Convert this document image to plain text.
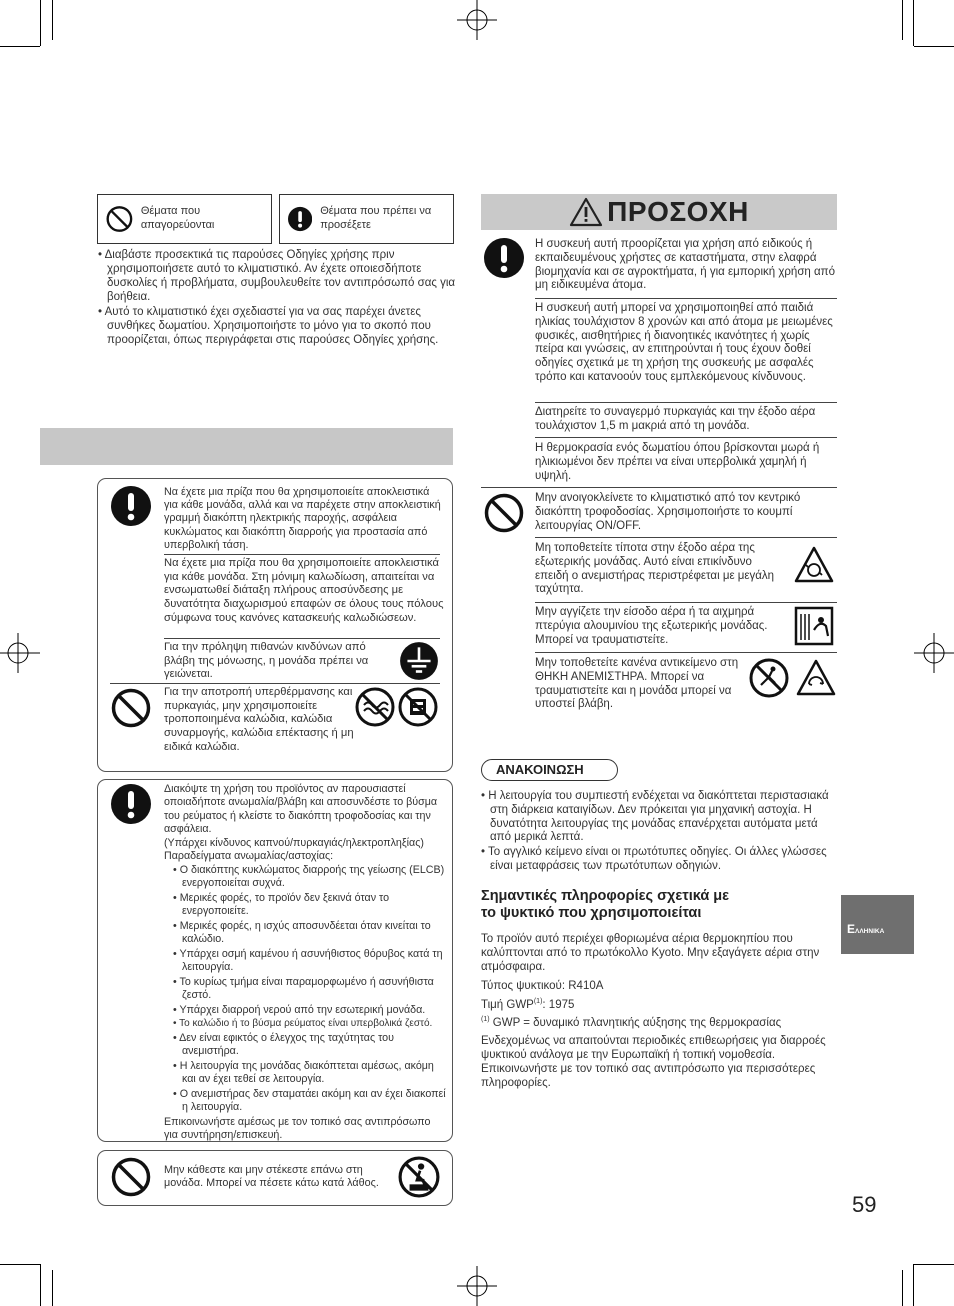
Θέματα που απαγορεύονται
Θέματα που πρέπει να προσέξετε
• Διαβάστε προσεκτικά τις παρούσες Οδηγίες χρήσης πριν χρησιμοποιήσετε αυτό το κλιματιστικό. Αν έχετε οποιεσδήποτε δυσκολίες ή προβλήματα, συμβουλευθείτε τον αντιπρόσωπό σας για βοήθεια.
• Αυτό το κλιματιστικό έχει σχεδιαστεί για να σας παρέχει άνετες συνθήκες δωματίου. Χρησιμοποιήστε το μόνο για το σκοπό που προορίζεται, όπως περιγράφεται στις παρούσες Οδηγίες χρήσης.
Να έχετε μια πρίζα που θα χρησιμοποιείτε αποκλειστικά για κάθε μονάδα, αλλά και να παρέχετε στην αποκλειστική γραμμή διακόπτη ηλεκτρικής παροχής, ασφάλεια κυκλώματος και διακόπτη διαρροής για προστασία από υπερβολική τάση.
Να έχετε μια πρίζα που θα χρησιμοποιείτε αποκλειστικά για κάθε μονάδα. Στη μόνιμη καλωδίωση, απαιτείται να ενσωματωθεί διάταξη πλήρους αποσύνδεσης με δυνατότητα διαχωρισμού επαφών σε όλους τους πόλους σύμφωνα τους κανόνες κατασκευής καλωδιώσεων.
Για την πρόληψη πιθανών κινδύνων από βλάβη της μόνωσης, η μονάδα πρέπει να γειώνεται.
Για την αποτροπή υπερθέρμανσης και πυρκαγιάς, μην χρησιμοποιείτε τροποποιημένα καλώδια, καλώδια συναρμογής, καλώδια επέκτασης ή μη ειδικά καλώδια.
Διακόψτε τη χρήση του προϊόντος αν παρουσιαστεί οποιαδήποτε ανωμαλία/βλάβη και αποσυνδέστε το βύσμα του ρεύματος ή κλείστε το διακόπτη τροφοδοσίας και την ασφάλεια.
(Υπάρχει κίνδυνος καπνού/πυρκαγιάς/ηλεκτροπληξίας)
Παραδείγματα ανωμαλίας/αστοχίας:
• Ο διακόπτης κυκλώματος διαρροής της γείωσης (ELCB) ενεργοποιείται συχνά.
• Μερικές φορές, το προϊόν δεν ξεκινά όταν το ενεργοποιείτε.
• Μερικές φορές, η ισχύς αποσυνδέεται όταν κινείται το καλώδιο.
• Υπάρχει οσμή καμένου ή ασυνήθιστος θόρυβος κατά τη λειτουργία.
• Το κυρίως τμήμα είναι παραμορφωμένο ή ασυνήθιστα ζεστό.
• Υπάρχει διαρροή νερού από την εσωτερική μονάδα.
• Το καλώδιο ή το βύσμα ρεύματος είναι υπερβολικά ζεστό.
• Δεν είναι εφικτός ο έλεγχος της ταχύτητας του ανεμιστήρα.
• Η λειτουργία της μονάδας διακόπτεται αμέσως, ακόμη και αν έχει τεθεί σε λειτουργία.
• Ο ανεμιστήρας δεν σταματάει ακόμη και αν έχει διακοπεί η λειτουργία.
Επικοινωνήστε αμέσως με τον τοπικό σας αντιπρόσωπο για συντήρηση/επισκευή.
Μην κάθεστε και μην στέκεστε επάνω στη μονάδα. Μπορεί να πέσετε κάτω κατά λάθος.
ΠΡΟΣΟΧΗ
Η συσκευή αυτή προορίζεται για χρήση από ειδικούς ή εκπαιδευμένους χρήστες σε καταστήματα, στην ελαφρά βιομηχανία και σε αγροκτήματα, ή για εμπορική χρήση από μη ειδικευμένα άτομα.
Η συσκευή αυτή μπορεί να χρησιμοποιηθεί από παιδιά ηλικίας τουλάχιστον 8 χρονών και από άτομα με μειωμένες φυσικές, αισθητήριες ή διανοητικές ικανότητες ή χωρίς πείρα και γνώσεις, αν επιτηρούνται ή τους έχουν δοθεί οδηγίες σχετικά με τη χρήση της συσκευής με ασφαλές τρόπο και κατανοούν τους εμπλεκόμενους κίνδυνους.
Διατηρείτε το συναγερμό πυρκαγιάς και την έξοδο αέρα τουλάχιστον 1,5 m μακριά από τη μονάδα.
Η θερμοκρασία ενός δωματίου όπου βρίσκονται μωρά ή ηλικιωμένοι δεν πρέπει να είναι υπερβολικά χαμηλή ή υψηλή.
Μην ανοιγοκλείνετε το κλιματιστικό από τον κεντρικό διακόπτη τροφοδοσίας. Χρησιμοποιήστε το κουμπί λειτουργίας ON/OFF.
Μη τοποθετείτε τίποτα στην έξοδο αέρα της εξωτερικής μονάδας. Αυτό είναι επικίνδυνο επειδή ο ανεμιστήρας περιστρέφεται με μεγάλη ταχύτητα.
Μην αγγίζετε την είσοδο αέρα ή τα αιχμηρά πτερύγια αλουμινίου της εξωτερικής μονάδας. Μπορεί να τραυματιστείτε.
Μην τοποθετείτε κανένα αντικείμενο στη ΘΗΚΗ ΑΝΕΜΙΣΤΗΡΑ. Μπορεί να τραυματιστείτε και η μονάδα μπορεί να υποστεί βλάβη.
ΑΝΑΚΟΙΝΩΣΗ
• Η λειτουργία του συμπιεστή ενδέχεται να διακόπτεται περιστασιακά στη διάρκεια καταιγίδων. Δεν πρόκειται για μηχανική αστοχία. Η δυνατότητα λειτουργίας της μονάδας επανέρχεται αυτόματα μετά από μερικά λεπτά.
• Το αγγλικό κείμενο είναι οι πρωτότυπες οδηγίες. Οι άλλες γλώσσες είναι μεταφράσεις των πρωτότυπων οδηγιών.
Σημαντικές πληροφορίες σχετικά με
το ψυκτικό που χρησιμοποιείται
Το προϊόν αυτό περιέχει φθοριωμένα αέρια θερμοκηπίου που καλύπτονται από το πρωτόκολλο Kyoto. Μην εξαγάγετε αέρια στην ατμόσφαιρα.
Τύπος ψυκτικού: R410A
Τιμή GWP$^{(1)}$: 1975
$^{(1)}$ GWP = δυναμικό πλανητικής αύξησης της θερμοκρασίας
Ενδεχομένως να απαιτούνται περιοδικές επιθεωρήσεις για διαρροές ψυκτικού ανάλογα με την Ευρωπαϊκή ή τοπική νομοθεσία. Επικοινωνήστε με τον τοπικό σας αντιπρόσωπο για περισσότερες πληροφορίες.
EΛΛΗΝΙΚΑ
59
